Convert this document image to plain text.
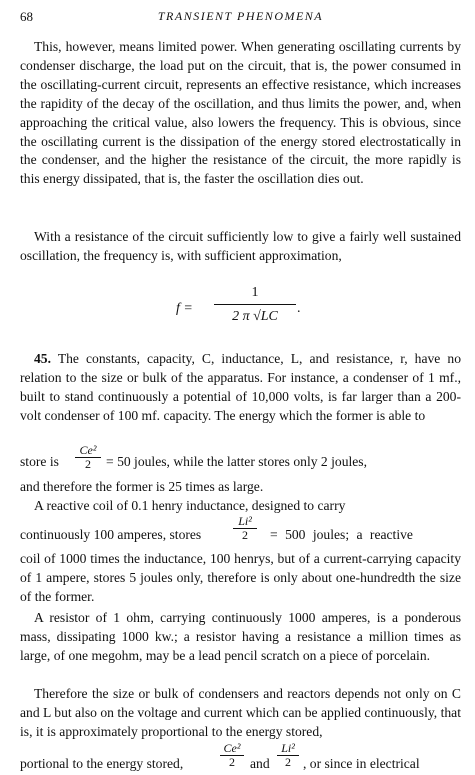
68	TRANSIENT PHENOMENA

This, however, means limited power. When generating oscillating currents by condenser discharge, the load put on the circuit, that is, the power consumed in the oscillating-current circuit, represents an effective resistance, which increases the rapidity of the decay of the oscillation, and thus limits the power, and, when approaching the critical value, also lowers the frequency. This is obvious, since the oscillating current is the dissipation of the energy stored electrostatically in the condenser, and the higher the resistance of the circuit, the more rapidly is this energy dissipated, that is, the faster the oscillation dies out.

With a resistance of the circuit sufficiently low to give a fairly well sustained oscillation, the frequency is, with sufficient approximation,

$f = \frac{1}{2 \pi √LC}$ .

45. The constants, capacity, C, inductance, L, and resistance, r, have no relation to the size or bulk of the apparatus. For instance, a condenser of 1 mf., built to stand continuously a potential of 10,000 volts, is far larger than a 200-volt condenser of 100 mf. capacity. The energy which the former is able to

store is $\frac{\text{Ce²}}{2} = 50$ joules, while the latter stores only 2 joules,

and therefore the former is 25 times as large.

A reactive coil of 0.1 henry inductance, designed to carry

continuously 100 amperes, stores	$\frac{\text{Li²}}{2} = 500$ joules; a reactive

coil of 1000 times the inductance, 100 henrys, but of a current-carrying capacity of 1 ampere, stores 5 joules only, therefore is only about one-hundredth the size of the former.

A resistor of 1 ohm, carrying continuously 1000 amperes, is a ponderous mass, dissipating 1000 kw.; a resistor having a resistance a million times as large, of one megohm, may be a lead pencil scratch on a piece of porcelain.

Therefore the size or bulk of condensers and reactors depends not only on C and L but also on the voltage and current which can be applied continuously, that is, it is approximately proportional to the energy stored,

portional to the energy stored,	$\frac{\text{Ce²}}{2}$ and $\frac{\text{Li²}}{2}$ , or since in electrical
